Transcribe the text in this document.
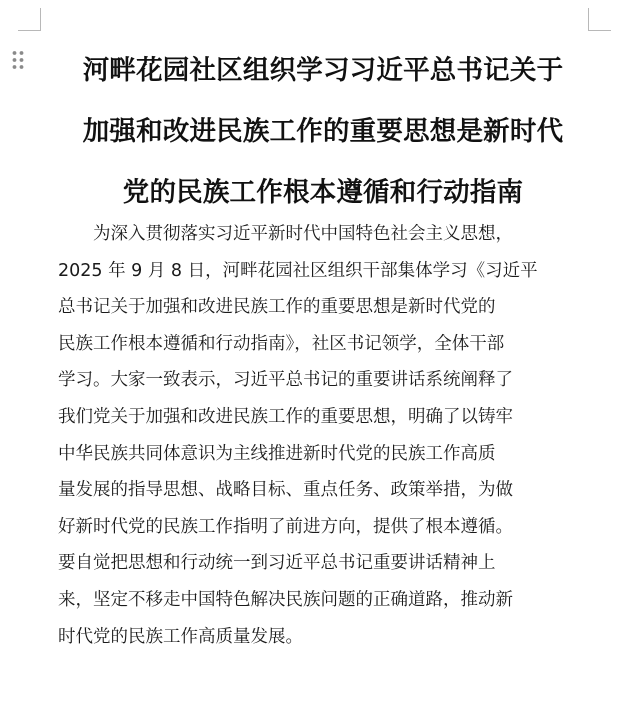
河畔花园社区组织学习习近平总书记关于
加强和改进民族工作的重要思想是新时代
党的民族工作根本遵循和行动指南

　　为深入贯彻落实习近平新时代中国特色社会主义思想，
2025 年 9 月 8 日，河畔花园社区组织干部集体学习《习近平
总书记关于加强和改进民族工作的重要思想是新时代党的
民族工作根本遵循和行动指南》，社区书记领学，全体干部
学习。大家一致表示，习近平总书记的重要讲话系统阐释了
我们党关于加强和改进民族工作的重要思想，明确了以铸牢
中华民族共同体意识为主线推进新时代党的民族工作高质
量发展的指导思想、战略目标、重点任务、政策举措，为做
好新时代党的民族工作指明了前进方向，提供了根本遵循。
要自觉把思想和行动统一到习近平总书记重要讲话精神上
来，坚定不移走中国特色解决民族问题的正确道路，推动新
时代党的民族工作高质量发展。
